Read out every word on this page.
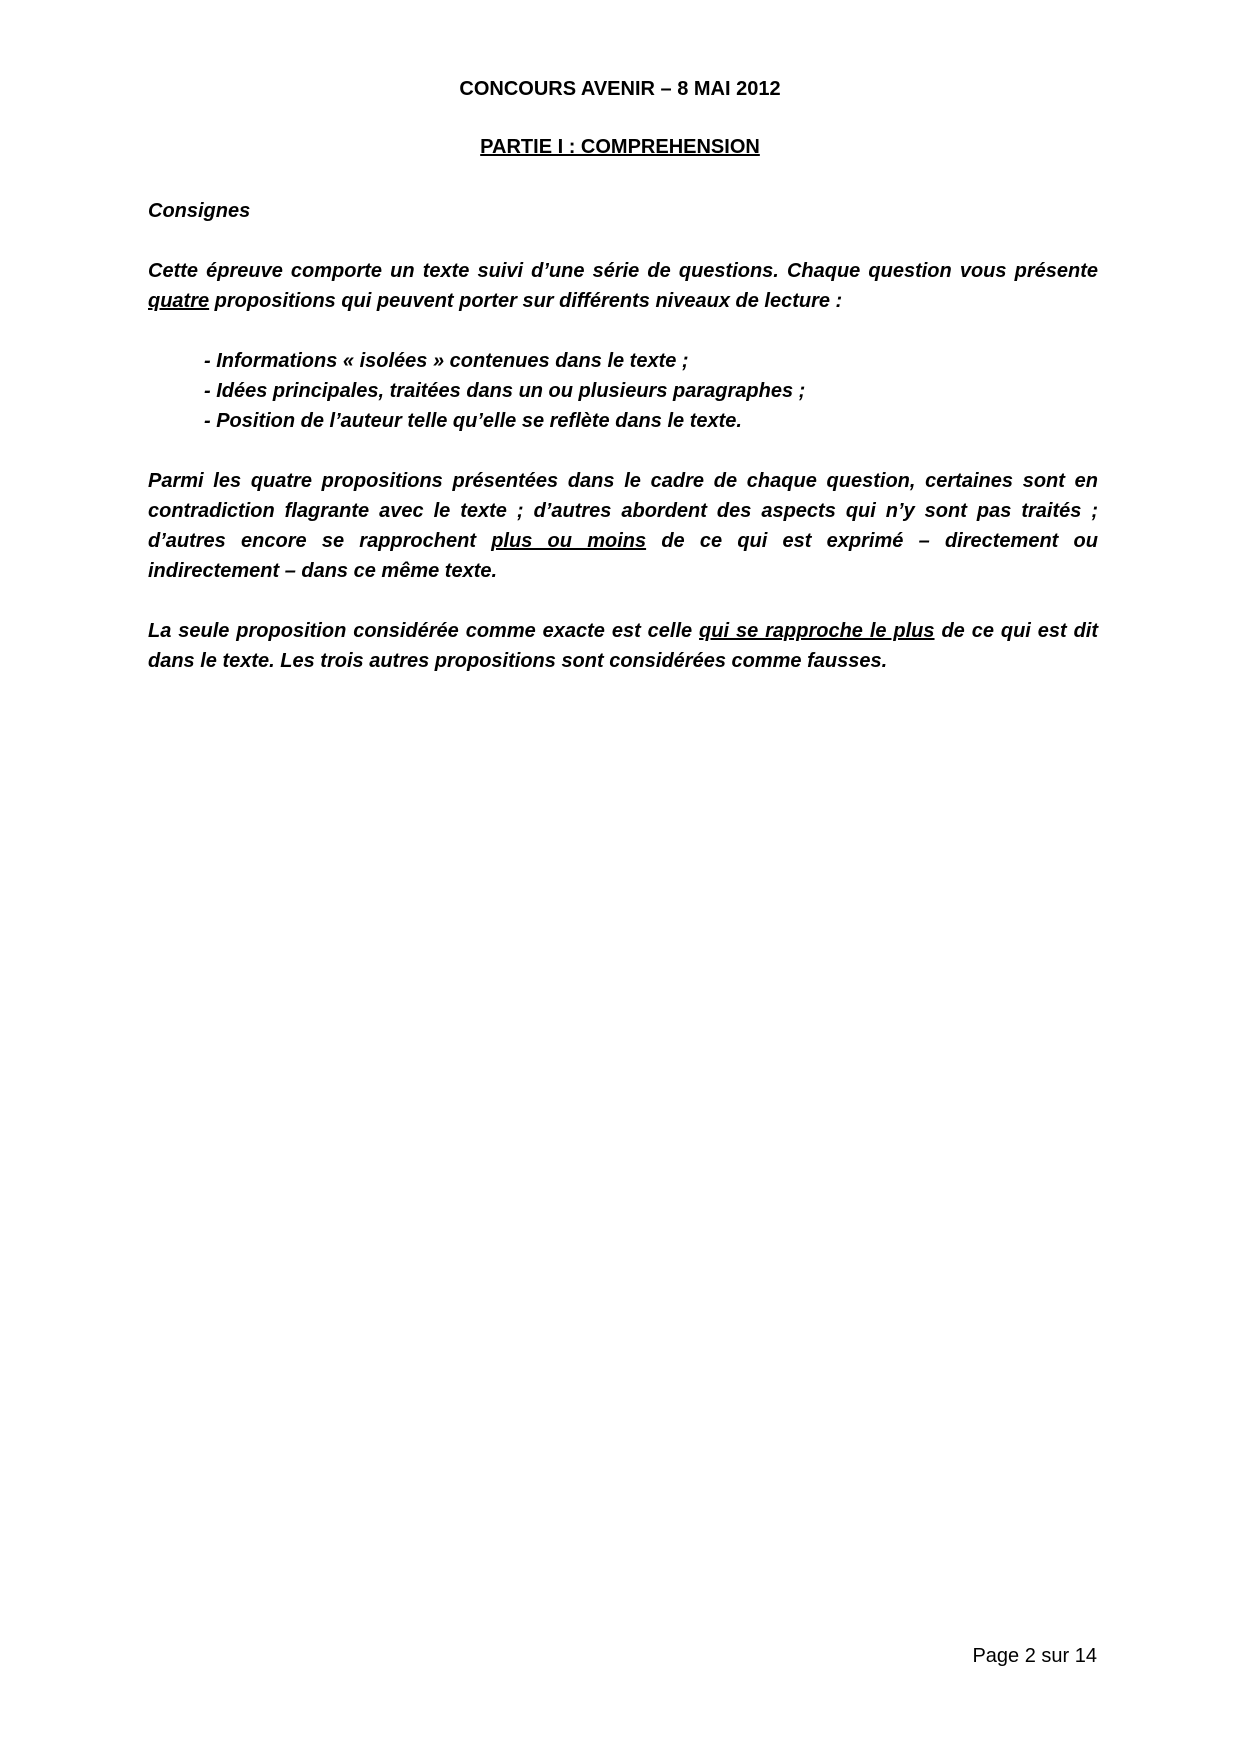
CONCOURS AVENIR – 8 MAI 2012
PARTIE I : COMPREHENSION

Consignes

Cette épreuve comporte un texte suivi d’une série de questions. Chaque question vous présente quatre propositions qui peuvent porter sur différents niveaux de lecture :

- Informations « isolées » contenues dans le texte ;
- Idées principales, traitées dans un ou plusieurs paragraphes ;
- Position de l’auteur telle qu’elle se reflète dans le texte.

Parmi les quatre propositions présentées dans le cadre de chaque question, certaines sont en contradiction flagrante avec le texte ; d’autres abordent des aspects qui n’y sont pas traités ; d’autres encore se rapprochent plus ou moins de ce qui est exprimé – directement ou indirectement – dans ce même texte.

La seule proposition considérée comme exacte est celle qui se rapproche le plus de ce qui est dit dans le texte. Les trois autres propositions sont considérées comme fausses.

Page 2 sur 14
